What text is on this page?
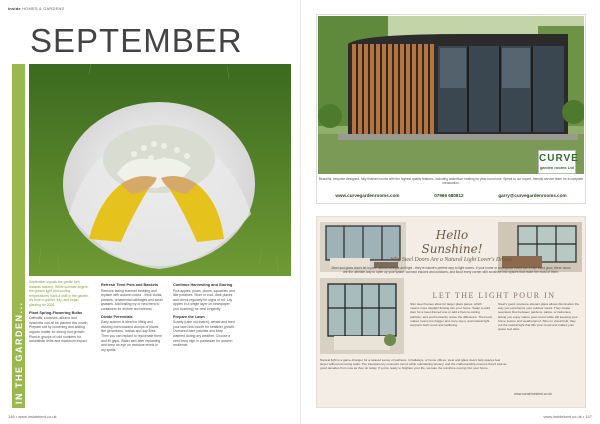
inside HOMES & GARDENS
SEPTEMBER
IN THE GARDEN...

September signals the gentle turn towards autumn. While summer lingers, the golden light and cooling temperatures mark a shift in the garden. It's time to gather, tidy, and begin planting for 2026.

Plant Spring-Flowering Bulbs

Daffodils, crocuses, alliums and hyacinths can all be planted this month. Prepare soil by loosening and adding organic matter for strong root growth. Plant in groups of odd numbers for naturalistic drifts and maximum impact.

Refresh Tired Pots and Baskets

Remove fading summer bedding and replace with autumn colour - think violas, pansies, ornamental cabbages and small grasses. Add trailing ivy or heuchera to containers for texture and interest.

Divide Perennials

Early autumn is ideal for lifting and dividing overcrowded clumps of plants like geraniums, hostas and day lilies. Then you can replant to rejuvenate them and fill gaps. Water well after replanting and keep an eye on moisture levels in dry spells.

Continue Harvesting and Storing

Pick apples, pears, plums, squashes and late potatoes. Store in cool, dark places and check regularly for signs of rot. Lay apples in a single layer on newspaper (not touching) for best longevity.

Prepare the Lawn

Scarify (rake out thatch), aerate and feed your lawn this month for healthier growth. Overseed bare patches and keep watered during dry weather. Choose a seed feed high in potassium for autumn resilience.

CURVE
garden rooms Ltd
Beautiful, bespoke-designed, fully finished rooms with the highest quality features, including underfloor heating for year-round use. Speak to our expert, friendly service team for a complete introduction.
www.curvegardenrooms.com	07966 680812	garry@curvegardenrooms.com
Hello Sunshine!
Why Steel Doors Are a Natural Light Lover's Dream
Steel and glass doors let in pure natural sunlight and light - they're nature's perfect way to light rooms. If your home or workspace could use a little extra glow, these doors are the ultimate way to open up your space, connect indoors and outdoors, and flood every corner with sunshine into spaces that make the most of them.
LET THE LIGHT POUR IN
Slim steel frames allow for larger glass panes, which means more daylight flowing into your home. Swap a solid door for a steel-framed one or add a floor-to-ceiling partition, and you'll instantly notice the difference. The boost makes rooms feel bigger and more open, and natural light supports both mood and wellbeing.
Steel's good, pressure-tolerant glass allows illumination the way you experience your outdoor views. They create seamless flow between gardens, patios, or balconies, letting you enjoy nature year-round while still keeping your home secure and weatherproof. Slim on visual bulk, they put the natural light that lifts your mood and makes your space feel alive.
Natural light is a game-changer for a relaxed sense of wellness, in hallways, or home offices, steel and glass doors help spaces feel larger without removing walls. The transparency connects rooms while maintaining privacy, and the craftsmanship ensures they'll look as good decades from now as they do today. If you're ready to brighten your life, we take the sunshine coming into your home.
www.sunshinesteel.co.uk
146 • www.insidekent.co.uk	www.insidekent.co.uk • 147
